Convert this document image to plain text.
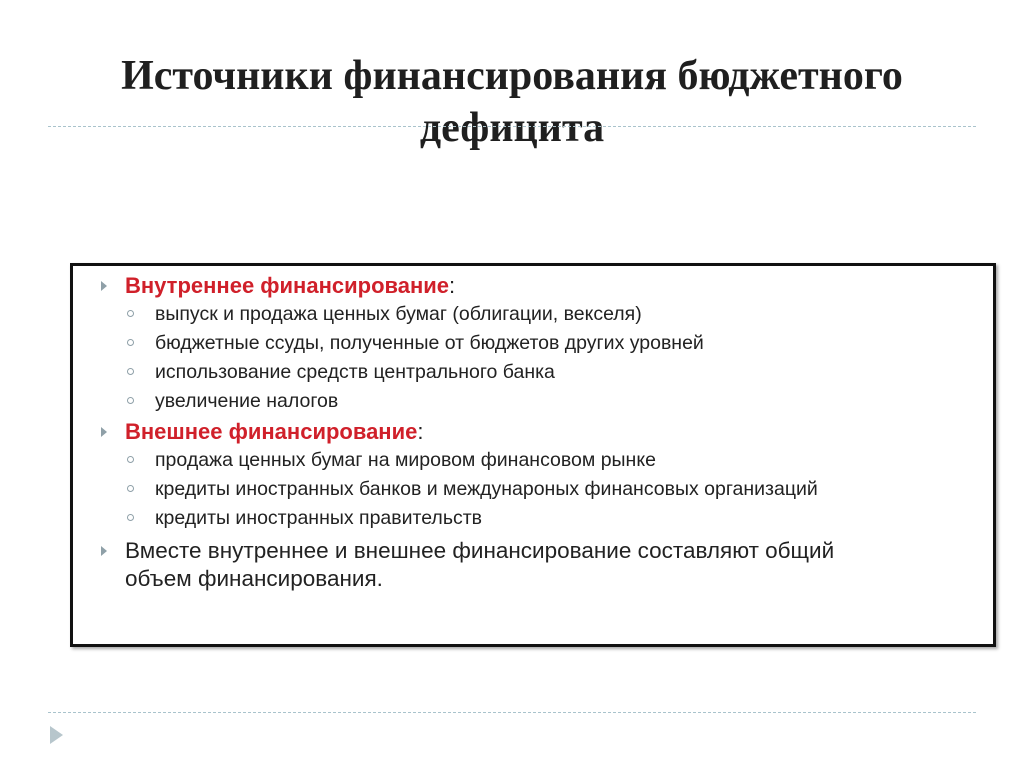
Источники финансирования бюджетного
дефицита
Внутреннее финансирование:
выпуск и продажа ценных бумаг (облигации, векселя)
бюджетные ссуды, полученные от бюджетов других уровней
использование средств центрального банка
увеличение налогов
Внешнее финансирование:
продажа ценных бумаг на мировом финансовом рынке
кредиты иностранных банков и междунароных финансовых организаций
кредиты иностранных правительств
Вместе внутреннее и внешнее финансирование составляют общий
объем финансирования.
